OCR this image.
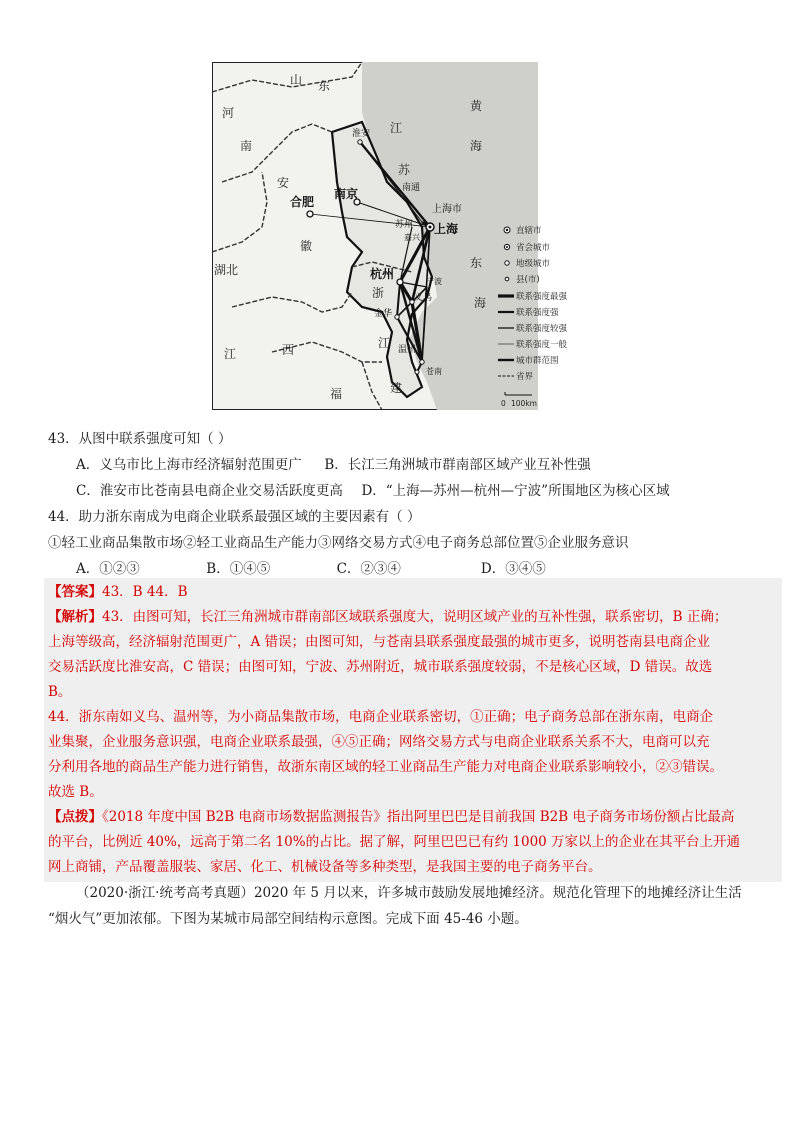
山 东
河
南
安
徽
江
苏
湖北
浙
江
江	西
福	建
黄
海
东
海
淮安
南京
合肥
南通
苏州
上海市
上海
杭州
义乌
金华
温州
嘉兴
宁波
苍南
直辖市
省会城市
地级城市
县(市)
联系强度最强
联系强度强
联系强度较强
联系强度一般
城市群范围
省界
0 100km
43．从图中联系强度可知（ ）
A．义乌市比上海市经济辐射范围更广 B．长江三角洲城市群南部区域产业互补性强
C．淮安市比苍南县电商企业交易活跃度更高 D．“上海—苏州—杭州—宁波”所围地区为核心区域
44．助力浙东南成为电商企业联系最强区域的主要因素有（ ）
①轻工业商品集散市场②轻工业商品生产能力③网络交易方式④电子商务总部位置⑤企业服务意识
A．①②③	B．①④⑤	C．②③④	D．③④⑤

【答案】43．B 44．B

【解析】43．由图可知，长江三角洲城市群南部区域联系强度大，说明区域产业的互补性强，联系密切，B 正确；

上海等级高，经济辐射范围更广，A 错误；由图可知，与苍南县联系强度最强的城市更多，说明苍南县电商企业

交易活跃度比淮安高，C 错误；由图可知，宁波、苏州附近，城市联系强度较弱，不是核心区域，D 错误。故选

B。

44．浙东南如义乌、温州等，为小商品集散市场，电商企业联系密切，①正确；电子商务总部在浙东南，电商企

业集聚，企业服务意识强，电商企业联系最强，④⑤正确；网络交易方式与电商企业联系关系不大，电商可以充

分利用各地的商品生产能力进行销售，故浙东南区域的轻工业商品生产能力对电商企业联系影响较小，②③错误。

故选 B。

【点拨】《2018 年度中国 B2B 电商市场数据监测报告》指出阿里巴巴是目前我国 B2B 电子商务市场份额占比最高

的平台，比例近 40%，远高于第二名 10%的占比。据了解，阿里巴巴已有约 1000 万家以上的企业在其平台上开通

网上商铺，产品覆盖服装、家居、化工、机械设备等多种类型，是我国主要的电子商务平台。

（2020·浙江·统考高考真题）2020 年 5 月以来，许多城市鼓励发展地摊经济。规范化管理下的地摊经济让生活

“烟火气”更加浓郁。下图为某城市局部空间结构示意图。完成下面 45-46 小题。
